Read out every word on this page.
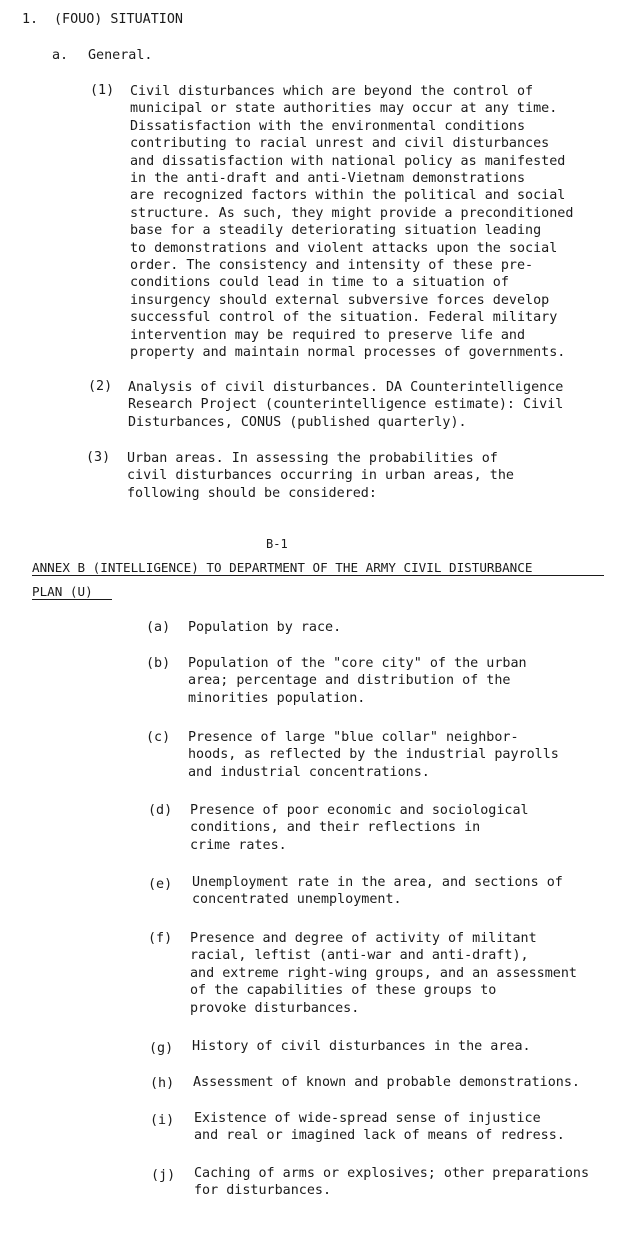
1. (FOUO) SITUATION
a. General.
(1) Civil disturbances which are beyond the control of
municipal or state authorities may occur at any time.
Dissatisfaction with the environmental conditions
contributing to racial unrest and civil disturbances
and dissatisfaction with national policy as manifested
in the anti-draft and anti-Vietnam demonstrations
are recognized factors within the political and social
structure. As such, they might provide a preconditioned
base for a steadily deteriorating situation leading
to demonstrations and violent attacks upon the social
order. The consistency and intensity of these pre-
conditions could lead in time to a situation of
insurgency should external subversive forces develop
successful control of the situation. Federal military
intervention may be required to preserve life and
property and maintain normal processes of governments.
(2) Analysis of civil disturbances. DA Counterintelligence
Research Project (counterintelligence estimate): Civil
Disturbances, CONUS (published quarterly).
(3) Urban areas. In assessing the probabilities of
civil disturbances occurring in urban areas, the
following should be considered:
B-1
ANNEX B (INTELLIGENCE) TO DEPARTMENT OF THE ARMY CIVIL DISTURBANCE
PLAN (U)
(a) Population by race.
(b) Population of the "core city" of the urban
area; percentage and distribution of the
minorities population.
(c) Presence of large "blue collar" neighbor-
hoods, as reflected by the industrial payrolls
and industrial concentrations.
(d) Presence of poor economic and sociological
conditions, and their reflections in
crime rates.
(e) Unemployment rate in the area, and sections of
concentrated unemployment.
(f) Presence and degree of activity of militant
racial, leftist (anti-war and anti-draft),
and extreme right-wing groups, and an assessment
of the capabilities of these groups to
provoke disturbances.
(g) History of civil disturbances in the area.
(h) Assessment of known and probable demonstrations.
(i) Existence of wide-spread sense of injustice
and real or imagined lack of means of redress.
(j) Caching of arms or explosives; other preparations
for disturbances.
